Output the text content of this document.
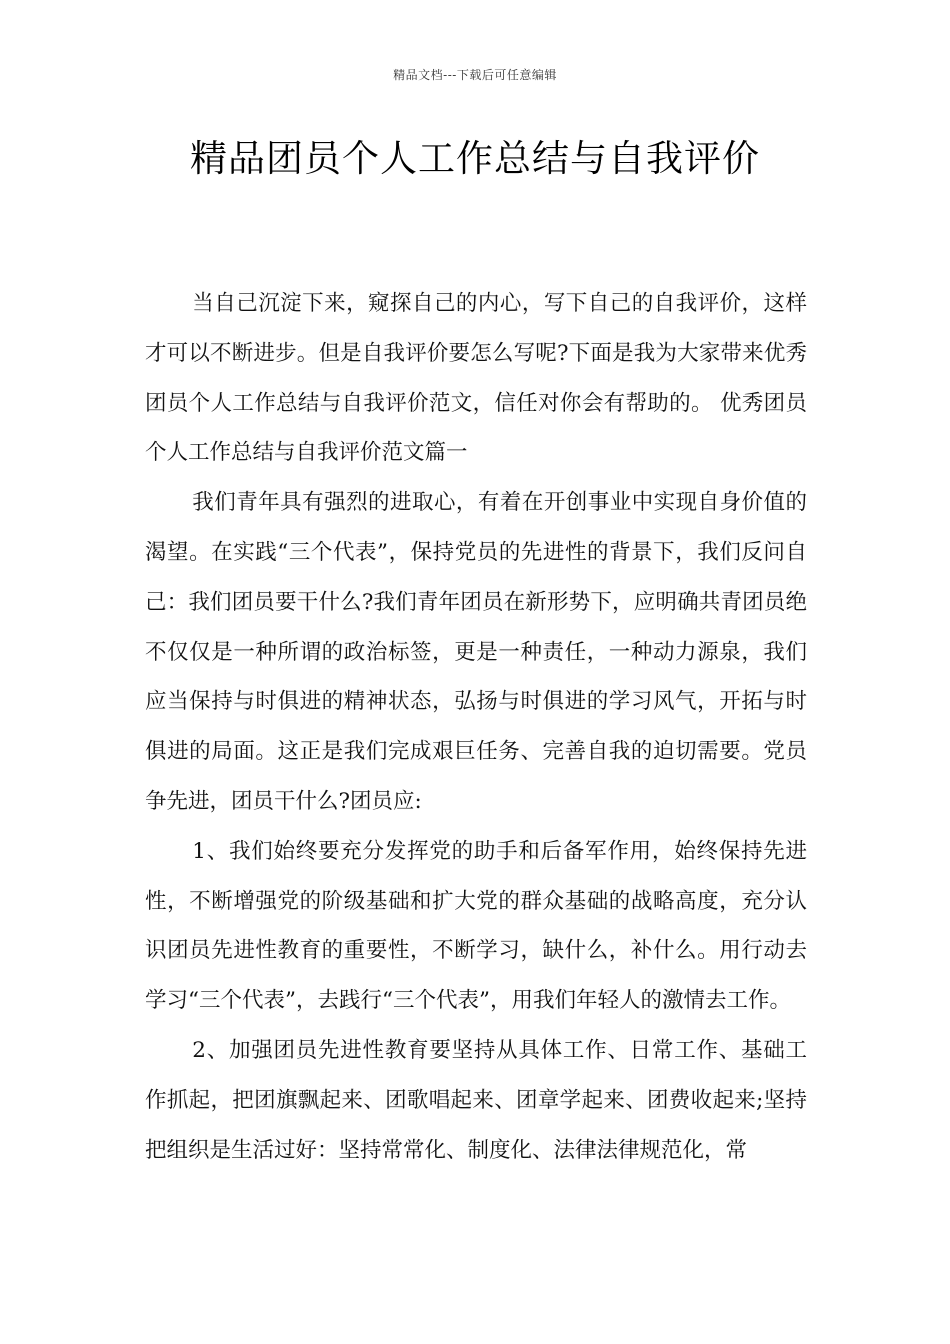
精品文档---下载后可任意编辑
精品团员个人工作总结与自我评价

当自己沉淀下来，窥探自己的内心，写下自己的自我评价，这样才可以不断进步。但是自我评价要怎么写呢?下面是我为大家带来优秀团员个人工作总结与自我评价范文，信任对你会有帮助的。 优秀团员个人工作总结与自我评价范文篇一

我们青年具有强烈的进取心，有着在开创事业中实现自身价值的渴望。在实践“三个代表”，保持党员的先进性的背景下，我们反问自己：我们团员要干什么?我们青年团员在新形势下，应明确共青团员绝不仅仅是一种所谓的政治标签，更是一种责任，一种动力源泉，我们应当保持与时俱进的精神状态，弘扬与时俱进的学习风气，开拓与时俱进的局面。这正是我们完成艰巨任务、完善自我的迫切需要。党员争先进，团员干什么?团员应:

1、我们始终要充分发挥党的助手和后备军作用，始终保持先进性，不断增强党的阶级基础和扩大党的群众基础的战略高度，充分认识团员先进性教育的重要性，不断学习，缺什么，补什么。用行动去学习“三个代表”，去践行“三个代表”，用我们年轻人的激情去工作。

2、加强团员先进性教育要坚持从具体工作、日常工作、基础工作抓起，把团旗飘起来、团歌唱起来、团章学起来、团费收起来;坚持把组织是生活过好：坚持常常化、制度化、法律法律规范化，常
